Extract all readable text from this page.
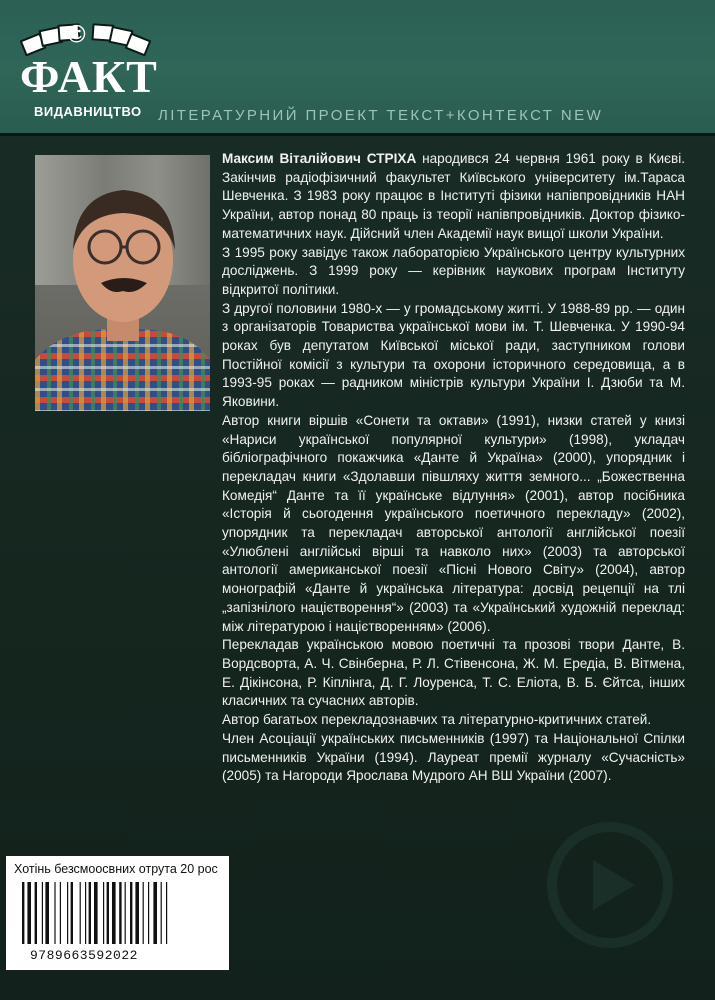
☺
ФАКТ
ВИДАВНИЦТВО ЛІТЕРАТУРНИЙ ПРОЕКТ ТЕКСТ+КОНТЕКСТ NEW

Максим Віталійович СТРІХА народився 24 червня 1961 року в Києві. Закінчив радіофізичний факультет Київського університету ім.Тараса Шевченка. З 1983 року працює в Інституті фізики напівпровідників НАН України, автор понад 80 праць із теорії напівпровідників. Доктор фізико-математичних наук. Дійсний член Академії наук вищої школи України.

З 1995 року завідує також лабораторією Українського центру культурних досліджень. З 1999 року — керівник наукових програм Інституту відкритої політики.

З другої половини 1980-х — у громадському житті. У 1988-89 рр. — один з організаторів Товариства української мови ім. Т. Шевченка. У 1990-94 роках був депутатом Київської міської ради, заступником голови Постійної комісії з культури та охорони історичного середовища, а в 1993-95 роках — радником міністрів культури України І. Дзюби та М. Яковини.

Автор книги віршів «Сонети та октави» (1991), низки статей у книзі «Нариси української популярної культури» (1998), укладач бібліографічного покажчика «Данте й Україна» (2000), упорядник і перекладач книги «Здолавши півшляху життя земного... „Божественна Комедія“ Данте та її українське відлуння» (2001), автор посібника «Історія й сьогодення українського поетичного перекладу» (2002), упорядник та перекладач авторської антології англійської поезії «Улюблені англійські вірші та навколо них» (2003) та авторської антології американської поезії «Пісні Нового Світу» (2004), автор монографій «Данте й українська література: досвід рецепції на тлі „запізнілого націєтворення“» (2003) та «Український художній переклад: між літературою і націєтворенням» (2006).

Перекладав українською мовою поетичні та прозові твори Данте, В. Вордсворта, А. Ч. Свінберна, Р. Л. Стівенсона, Ж. М. Ередіа, В. Вітмена, Е. Дікінсона, Р. Кіплінга, Д. Г. Лоуренса, Т. С. Еліота, В. Б. Єйтса, інших класичних та сучасних авторів.

Автор багатьох перекладознавчих та літературно-критичних статей.

Член Асоціації українських письменників (1997) та Національної Спілки письменників України (1994). Лауреат премії журналу «Сучасність» (2005) та Нагороди Ярослава Мудрого АН ВШ України (2007).

Хотінь безсмоосвних отрута 20 рос
9789663592022
